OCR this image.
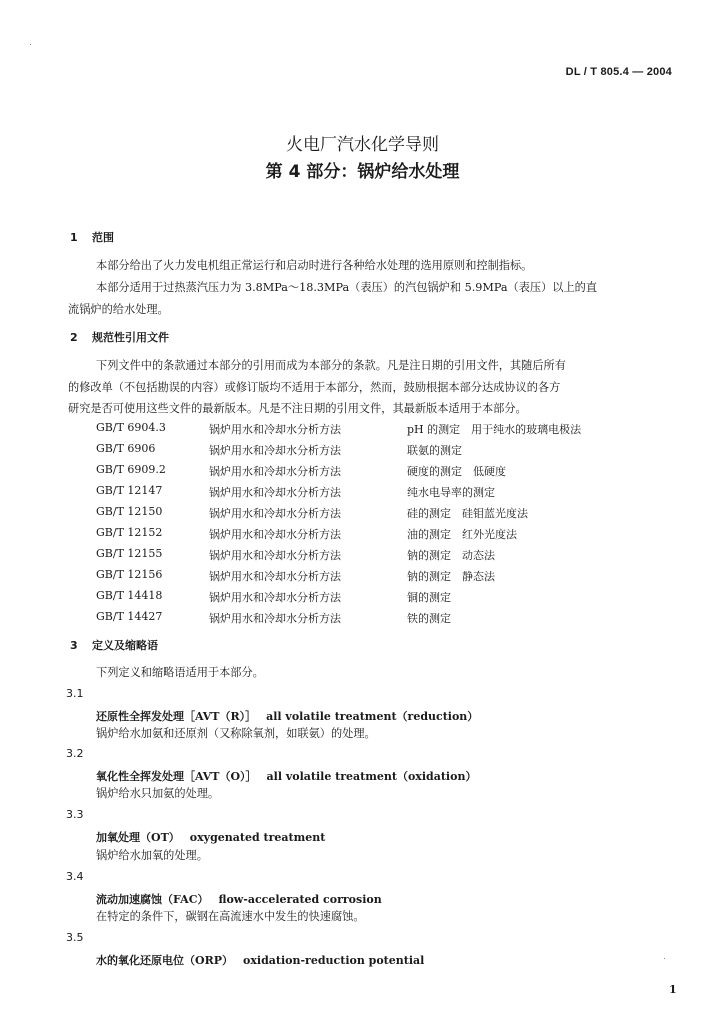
DL / T 805.4 — 2004
火电厂汽水化学导则
第 4 部分：锅炉给水处理
1 范围
本部分给出了火力发电机组正常运行和启动时进行各种给水处理的选用原则和控制指标。
本部分适用于过热蒸汽压力为 3.8MPa～18.3MPa（表压）的汽包锅炉和 5.9MPa（表压）以上的直
流锅炉的给水处理。
2 规范性引用文件
下列文件中的条款通过本部分的引用而成为本部分的条款。凡是注日期的引用文件，其随后所有
的修改单（不包括勘误的内容）或修订版均不适用于本部分，然而，鼓励根据本部分达成协议的各方
研究是否可使用这些文件的最新版本。凡是不注日期的引用文件，其最新版本适用于本部分。
GB/T 6904.3	锅炉用水和冷却水分析方法	pH 的测定　用于纯水的玻璃电极法
GB/T 6906	锅炉用水和冷却水分析方法	联氨的测定
GB/T 6909.2	锅炉用水和冷却水分析方法	硬度的测定　低硬度
GB/T 12147	锅炉用水和冷却水分析方法	纯水电导率的测定
GB/T 12150	锅炉用水和冷却水分析方法	硅的测定　硅钼蓝光度法
GB/T 12152	锅炉用水和冷却水分析方法	油的测定　红外光度法
GB/T 12155	锅炉用水和冷却水分析方法	钠的测定　动态法
GB/T 12156	锅炉用水和冷却水分析方法	钠的测定　静态法
GB/T 14418	锅炉用水和冷却水分析方法	铜的测定
GB/T 14427	锅炉用水和冷却水分析方法	铁的测定
3 定义及缩略语
下列定义和缩略语适用于本部分。
3.1
还原性全挥发处理［AVT（R）］ all volatile treatment（reduction）
锅炉给水加氨和还原剂（又称除氧剂，如联氨）的处理。
3.2
氧化性全挥发处理［AVT（O）］ all volatile treatment（oxidation）
锅炉给水只加氨的处理。
3.3
加氧处理（OT） oxygenated treatment
锅炉给水加氧的处理。
3.4
流动加速腐蚀（FAC） flow-accelerated corrosion
在特定的条件下，碳钢在高流速水中发生的快速腐蚀。
3.5
水的氧化还原电位（ORP） oxidation-reduction potential
1
